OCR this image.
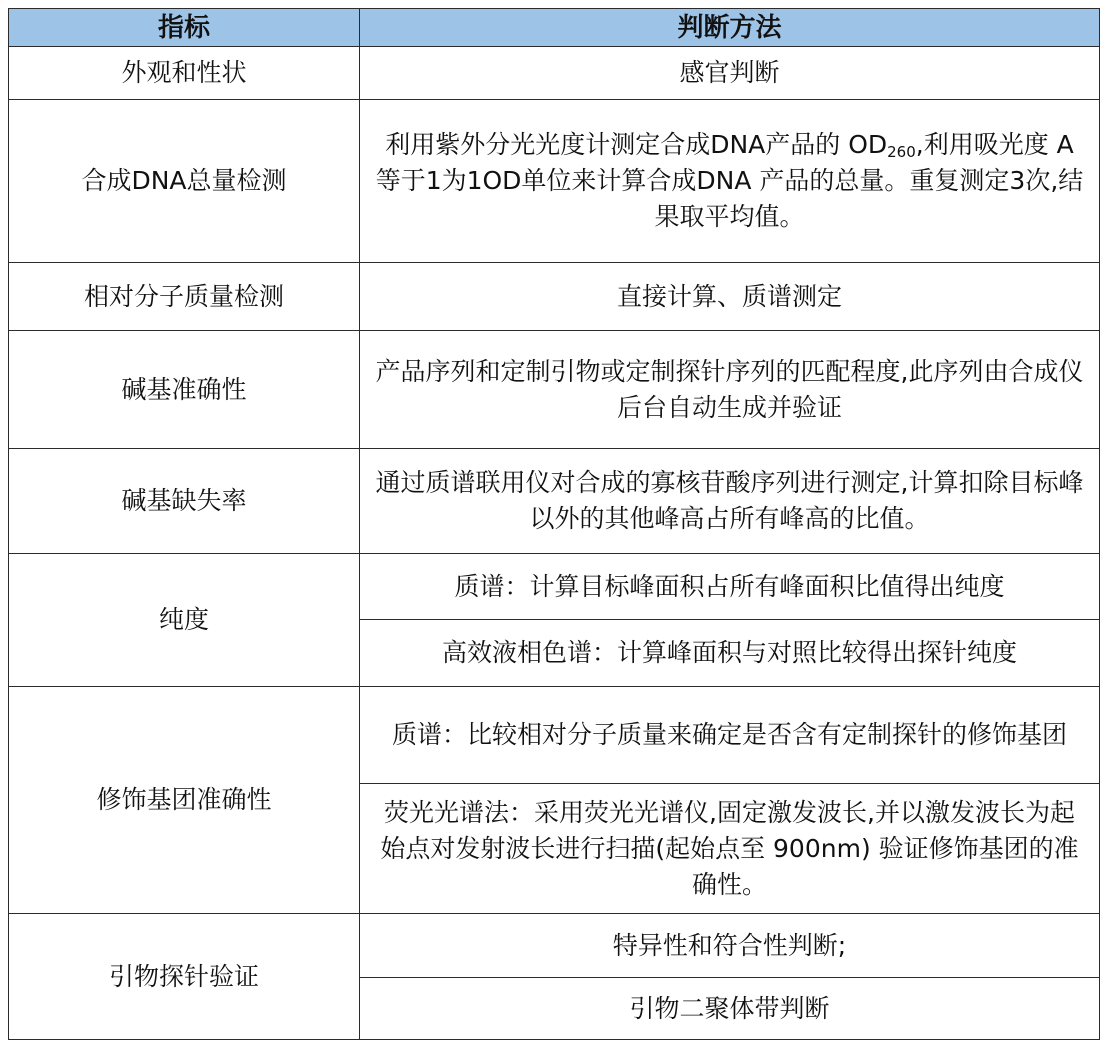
指标	判断方法
外观和性状	感官判断
合成DNA总量检测	利用紫外分光光度计测定合成DNA产品的 $OD_{260}$,利用吸光度 A等于1为1OD单位来计算合成DNA 产品的总量。重复测定3次,结果取平均值。
相对分子质量检测	直接计算、质谱测定
碱基准确性	产品序列和定制引物或定制探针序列的匹配程度,此序列由合成仪后台自动生成并验证
碱基缺失率	通过质谱联用仪对合成的寡核苷酸序列进行测定,计算扣除目标峰以外的其他峰高占所有峰高的比值。
纯度	质谱：计算目标峰面积占所有峰面积比值得出纯度
	高效液相色谱：计算峰面积与对照比较得出探针纯度
修饰基团准确性	质谱：比较相对分子质量来确定是否含有定制探针的修饰基团
	荧光光谱法：采用荧光光谱仪,固定激发波长,并以激发波长为起始点对发射波长进行扫描(起始点至 900nm) 验证修饰基团的准确性。
引物探针验证	特异性和符合性判断;
	引物二聚体带判断
